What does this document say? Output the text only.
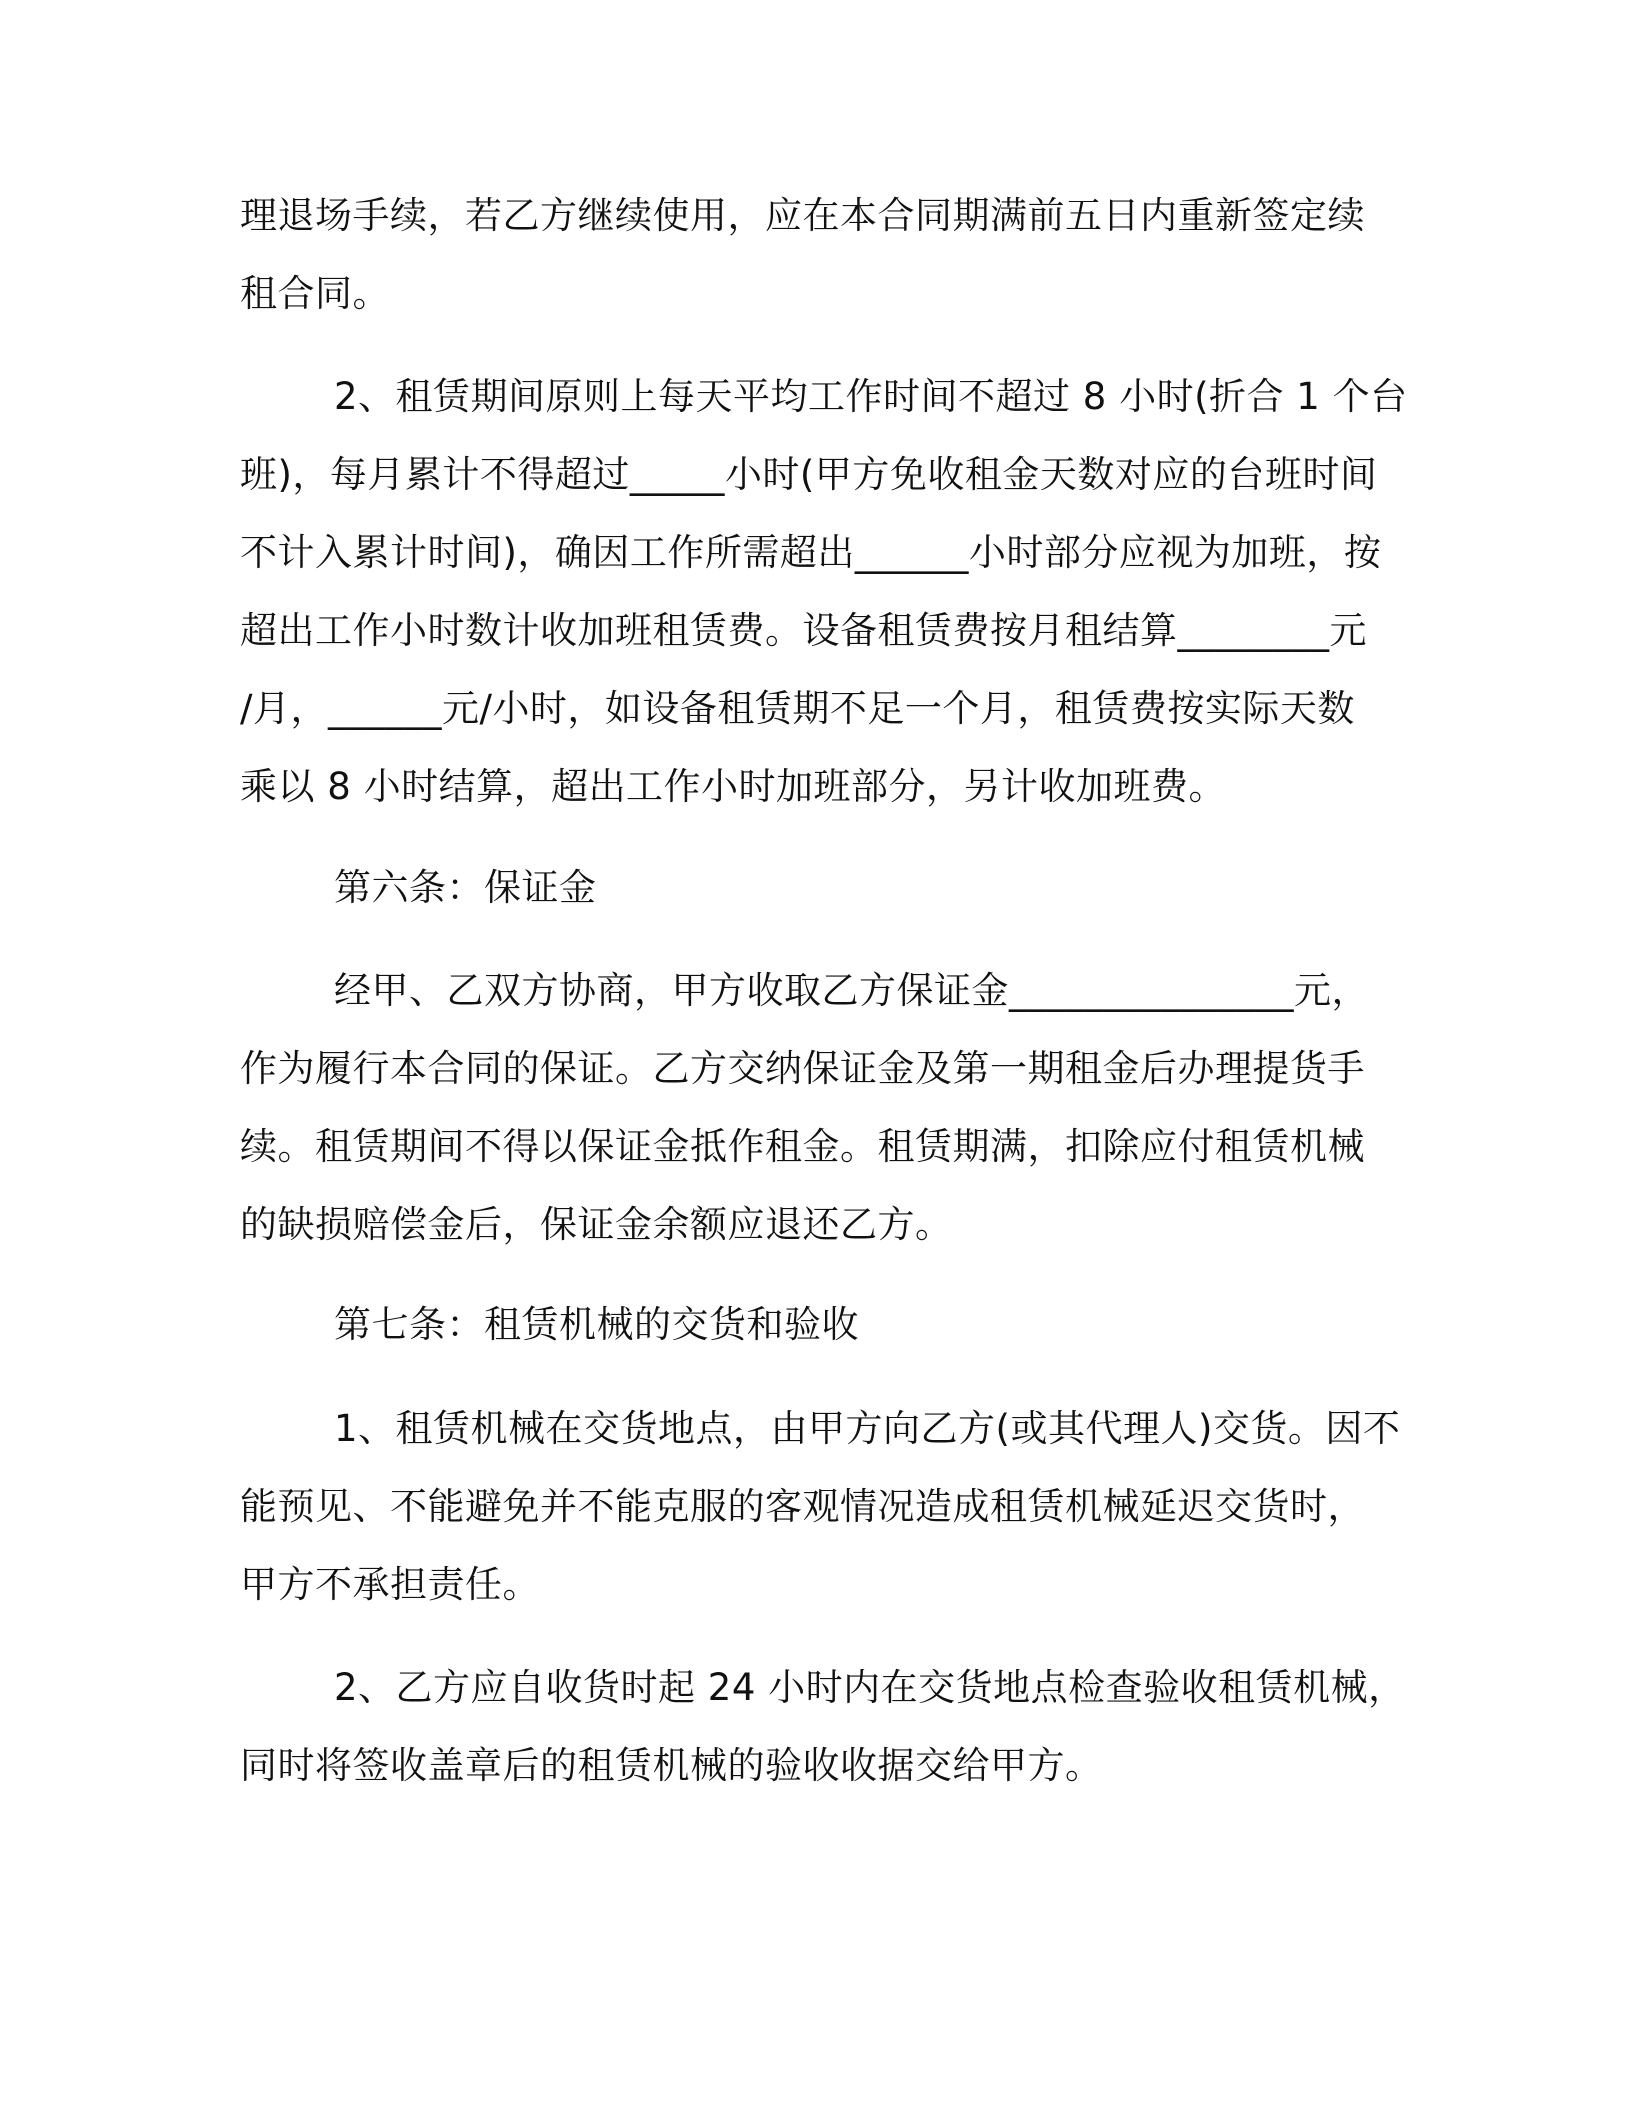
理退场手续，若乙方继续使用，应在本合同期满前五日内重新签定续
租合同。
2、租赁期间原则上每天平均工作时间不超过 8 小时(折合 1 个台
班)，每月累计不得超过_____小时(甲方免收租金天数对应的台班时间
不计入累计时间)，确因工作所需超出______小时部分应视为加班，按
超出工作小时数计收加班租赁费。设备租赁费按月租结算________元
/月，______元/小时，如设备租赁期不足一个月，租赁费按实际天数
乘以 8 小时结算，超出工作小时加班部分，另计收加班费。
第六条：保证金
经甲、乙双方协商，甲方收取乙方保证金_______________元，
作为履行本合同的保证。乙方交纳保证金及第一期租金后办理提货手
续。租赁期间不得以保证金抵作租金。租赁期满，扣除应付租赁机械
的缺损赔偿金后，保证金余额应退还乙方。
第七条：租赁机械的交货和验收
1、租赁机械在交货地点，由甲方向乙方(或其代理人)交货。因不
能预见、不能避免并不能克服的客观情况造成租赁机械延迟交货时，
甲方不承担责任。
2、乙方应自收货时起 24 小时内在交货地点检查验收租赁机械，
同时将签收盖章后的租赁机械的验收收据交给甲方。
